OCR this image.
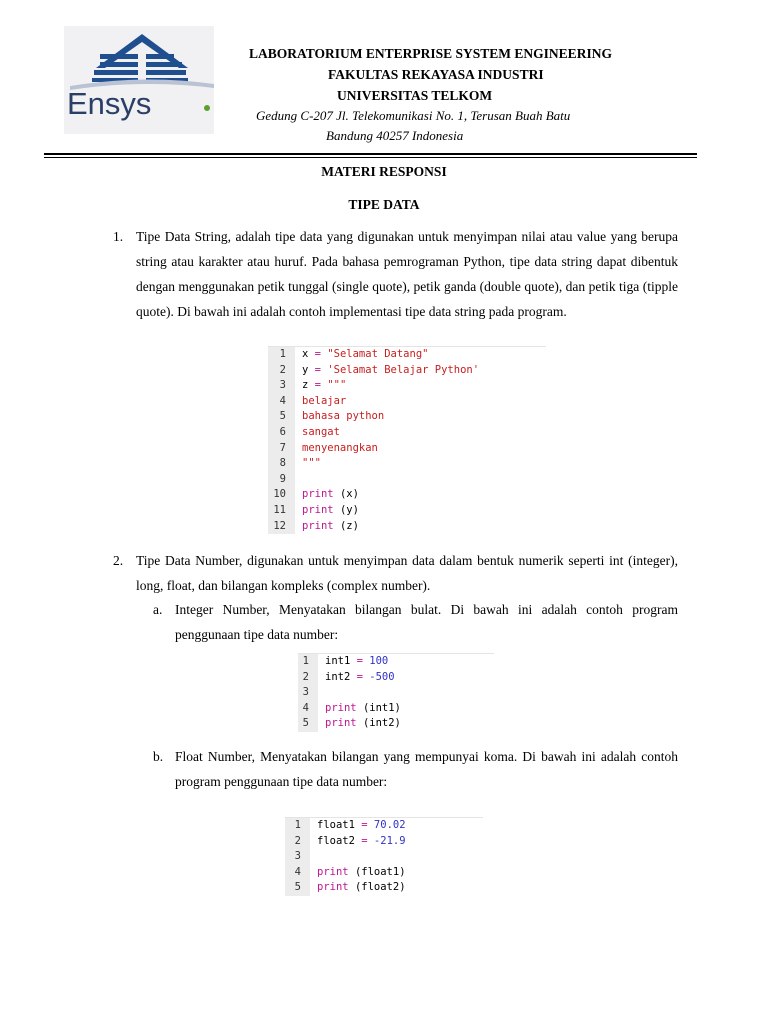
Ensys
LABORATORIUM ENTERPRISE SYSTEM ENGINEERING
FAKULTAS REKAYASA INDUSTRI
UNIVERSITAS TELKOM
Gedung C-207 Jl. Telekomunikasi No. 1, Terusan Buah Batu
Bandung 40257 Indonesia
MATERI RESPONSI
TIPE DATA
1. Tipe Data String, adalah tipe data yang digunakan untuk menyimpan nilai atau value yang berupa
string atau karakter atau huruf. Pada bahasa pemrograman Python, tipe data string dapat dibentuk
dengan menggunakan petik tunggal (single quote), petik ganda (double quote), dan petik tiga (tipple
quote). Di bawah ini adalah contoh implementasi tipe data string pada program.
1	x = "Selamat Datang"
2	y = 'Selamat Belajar Python'
3	z = """
4	belajar
5	bahasa python
6	sangat
7	menyenangkan
8	"""
9
10	print (x)
11	print (y)
12	print (z)
2. Tipe Data Number, digunakan untuk menyimpan data dalam bentuk numerik seperti int (integer),
long, float, dan bilangan kompleks (complex number).
a. Integer Number, Menyatakan bilangan bulat. Di bawah ini adalah contoh program
penggunaan tipe data number:
1	int1 = 100
2	int2 = -500
3
4	print (int1)
5	print (int2)
b. Float Number, Menyatakan bilangan yang mempunyai koma. Di bawah ini adalah contoh
program penggunaan tipe data number:
1	float1 = 70.02
2	float2 = -21.9
3
4	print (float1)
5	print (float2)
